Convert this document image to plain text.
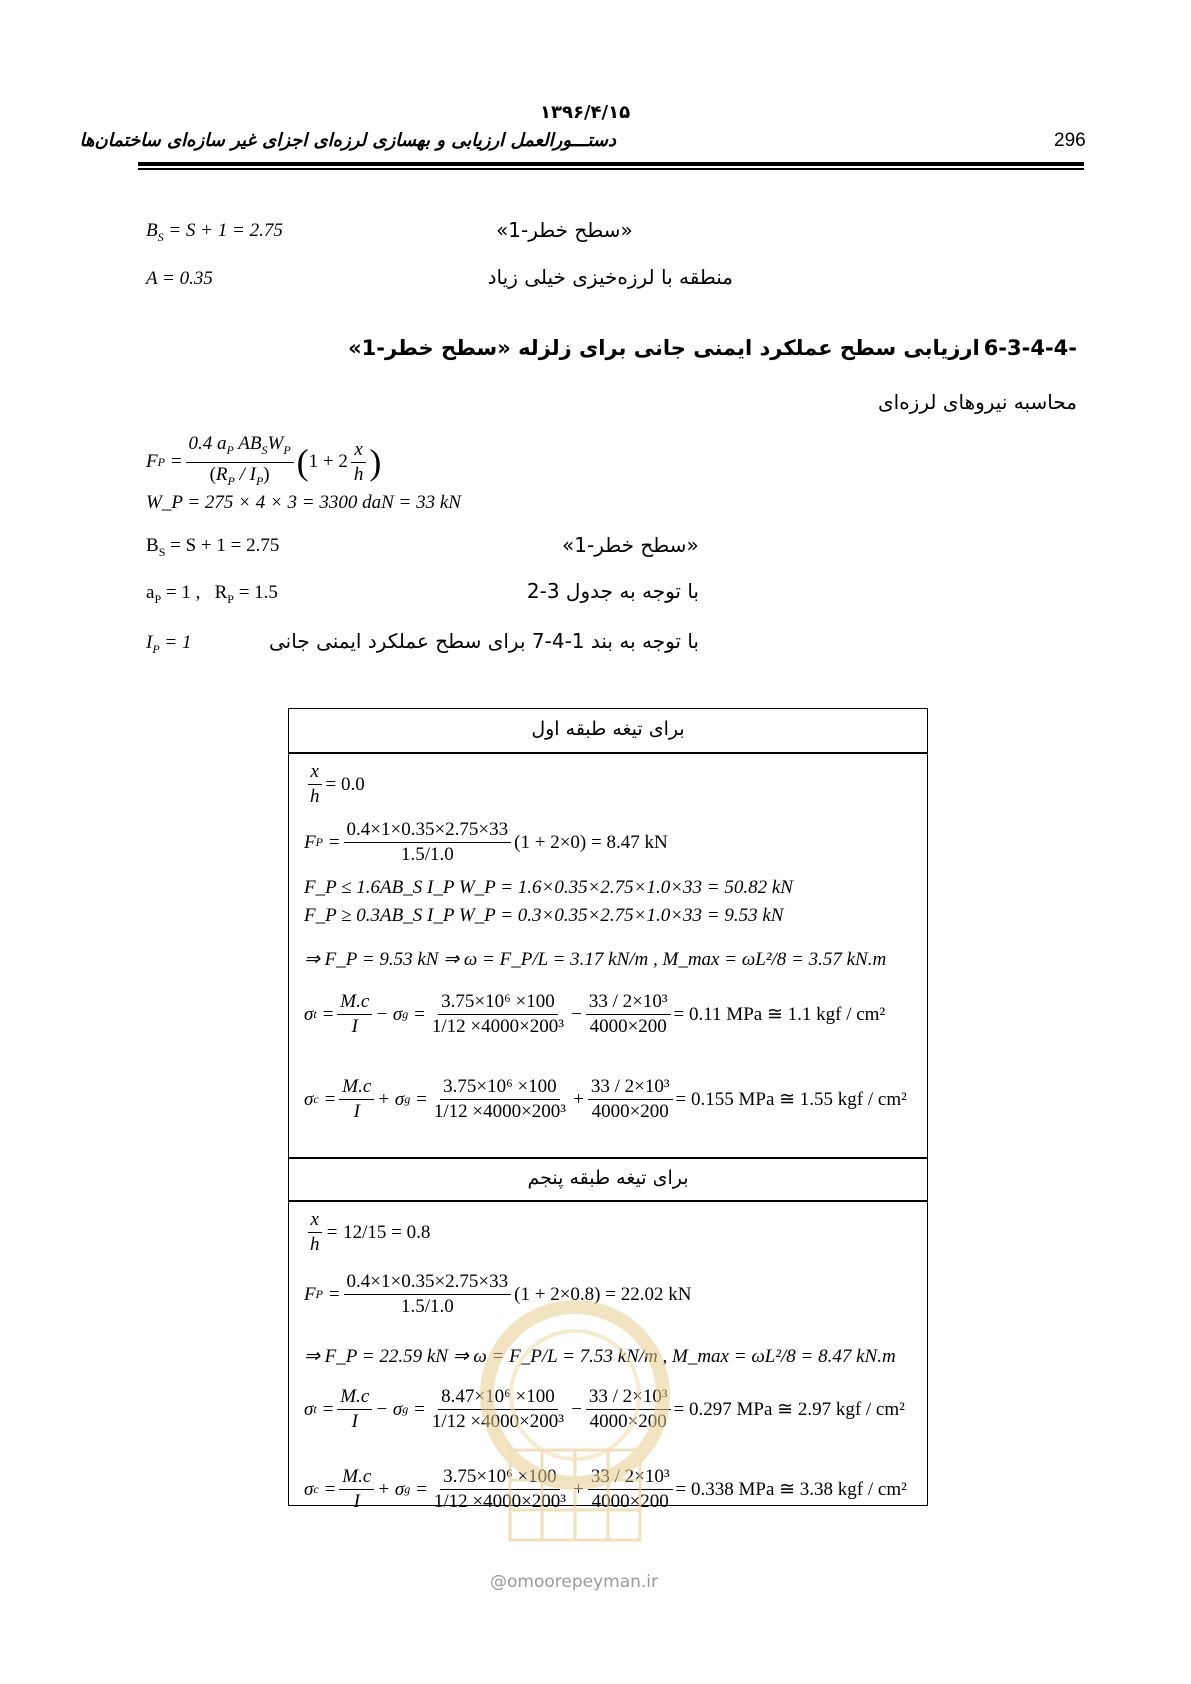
۱۳۹۶/۴/۱۵
دستـــورالعمل ارزیابی و بهسازی لرزه‌ای اجزای غیر سازه‌ای ساختمان‌ها	296
$B_S = S + 1 = 2.75$	«سطح خطر-1»
A = 0.35	منطقه با لرزه‌خیزی خیلی زیاد
6-3-4-4-
ارزیابی سطح عملکرد ایمنی جانی برای زلزله «سطح خطر-1»
محاسبه نیروهای لرزه‌ای
F $P = \frac{0.4 a_P AB_SW_P}{(R_P / I_P)}$ ( $1 + 2 \frac{x}{h}$ )
W_P = 275 × 4 × 3 = 3300 daN = 33 kN
$B_S = S + 1 = 2.75$	«سطح خطر-1»
$a_P = 1$ ,   $R_P = 1.5$	با توجه به جدول 3-2
$I_P = 1$	با توجه به بند 1-4-7 برای سطح عملکرد ایمنی جانی
برای تیغه طبقه اول
برای تیغه طبقه پنجم
$\frac{x}{h} = 0.0$
F $P = \frac{0.4\times 1\times 0.35\times 2.75\times 33}{1.5/1.0} (1 + 2\times 0) = 8.47$ kN
F_P ≤ 1.6AB_S I_P W_P = 1.6×0.35×2.75×1.0×33 = 50.82 kN
F_P ≥ 0.3AB_S I_P W_P = 0.3×0.35×2.75×1.0×33 = 9.53 kN
⇒ F_P = 9.53 kN ⇒ ω = F_P/L = 3.17 kN/m , M_max = ωL²/8 = 3.57 kN.m
σ $t = \frac{M.c}{I} - \sigma$ $g = \frac{\text{3.75×10⁶ ×100}}{\text{1/12 ×4000×200³}} - \frac{\text{33 / 2×10³}}{4000\times 200} = 0.11$ MPa ≅ 1.1 kgf / cm²
σ $c = \frac{M.c}{I} + \sigma$ $g = \frac{\text{3.75×10⁶ ×100}}{\text{1/12 ×4000×200³}} + \frac{\text{33 / 2×10³}}{4000\times 200} = 0.155$ MPa ≅ 1.55 kgf / cm²
$\frac{x}{h} = 12/15 = 0.8$
F $P = \frac{0.4\times 1\times 0.35\times 2.75\times 33}{1.5/1.0} (1 + 2\times 0.8) = 22.02$ kN
⇒ F_P = 22.59 kN ⇒ ω = F_P/L = 7.53 kN/m , M_max = ωL²/8 = 8.47 kN.m
σ $t = \frac{M.c}{I} - \sigma$ $g = \frac{\text{8.47×10⁶ ×100}}{\text{1/12 ×4000×200³}} - \frac{\text{33 / 2×10³}}{4000\times 200} = 0.297$ MPa ≅ 2.97 kgf / cm²
σ $c = \frac{M.c}{I} + \sigma$ $g = \frac{\text{3.75×10⁶ ×100}}{\text{1/12 ×4000×200³}} + \frac{\text{33 / 2×10³}}{4000\times 200} = 0.338$ MPa ≅ 3.38 kgf / cm²
@omoorepeyman.ir
